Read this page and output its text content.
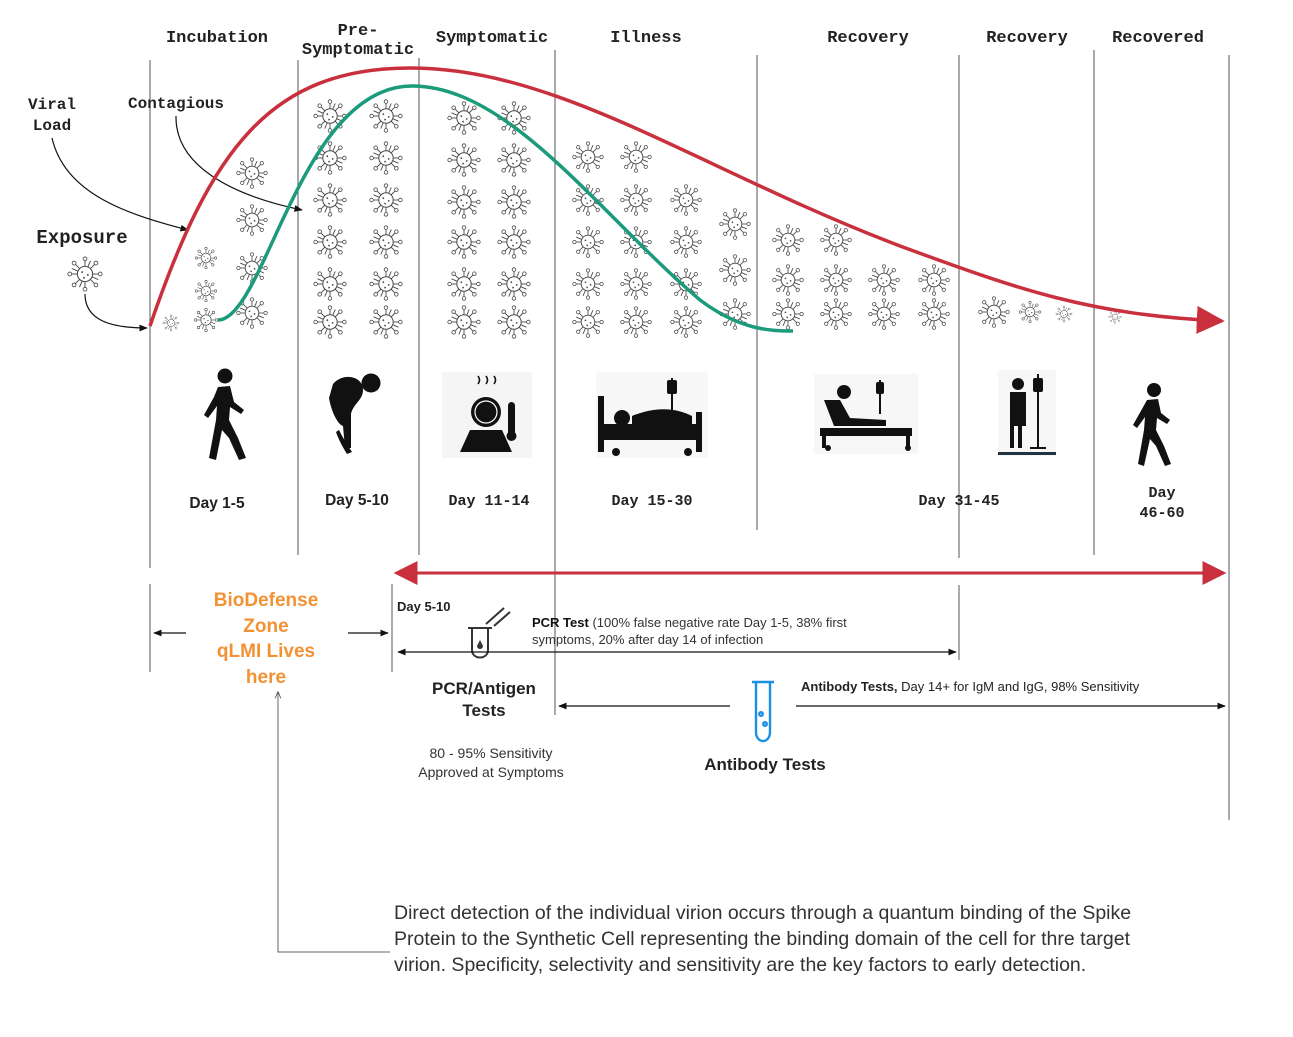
Incubation	Pre-
Symptomatic
Symptomatic	Illness	Recovery	Recovery	Recovered
Viral
Load
Contagious
Exposure
Day 1-5	Day 5-10	Day 11-14	Day 15-30	Day 31-45	Day
46-60
BioDefense
Zone
qLMI Lives
here
Day 5-10
PCR Test (100% false negative rate Day 1-5, 38% first
symptoms, 20% after day 14 of infection
PCR/Antigen
Tests
80 - 95% Sensitivity
Approved at Symptoms
Antibody Tests, Day 14+ for IgM and IgG, 98% Sensitivity
Antibody Tests

Direct detection of the individual virion occurs through a quantum binding of the Spike Protein to the Synthetic Cell representing the binding domain of the cell for thre target virion. Specificity, selectivity and sensitivity are the key factors to early detection.
